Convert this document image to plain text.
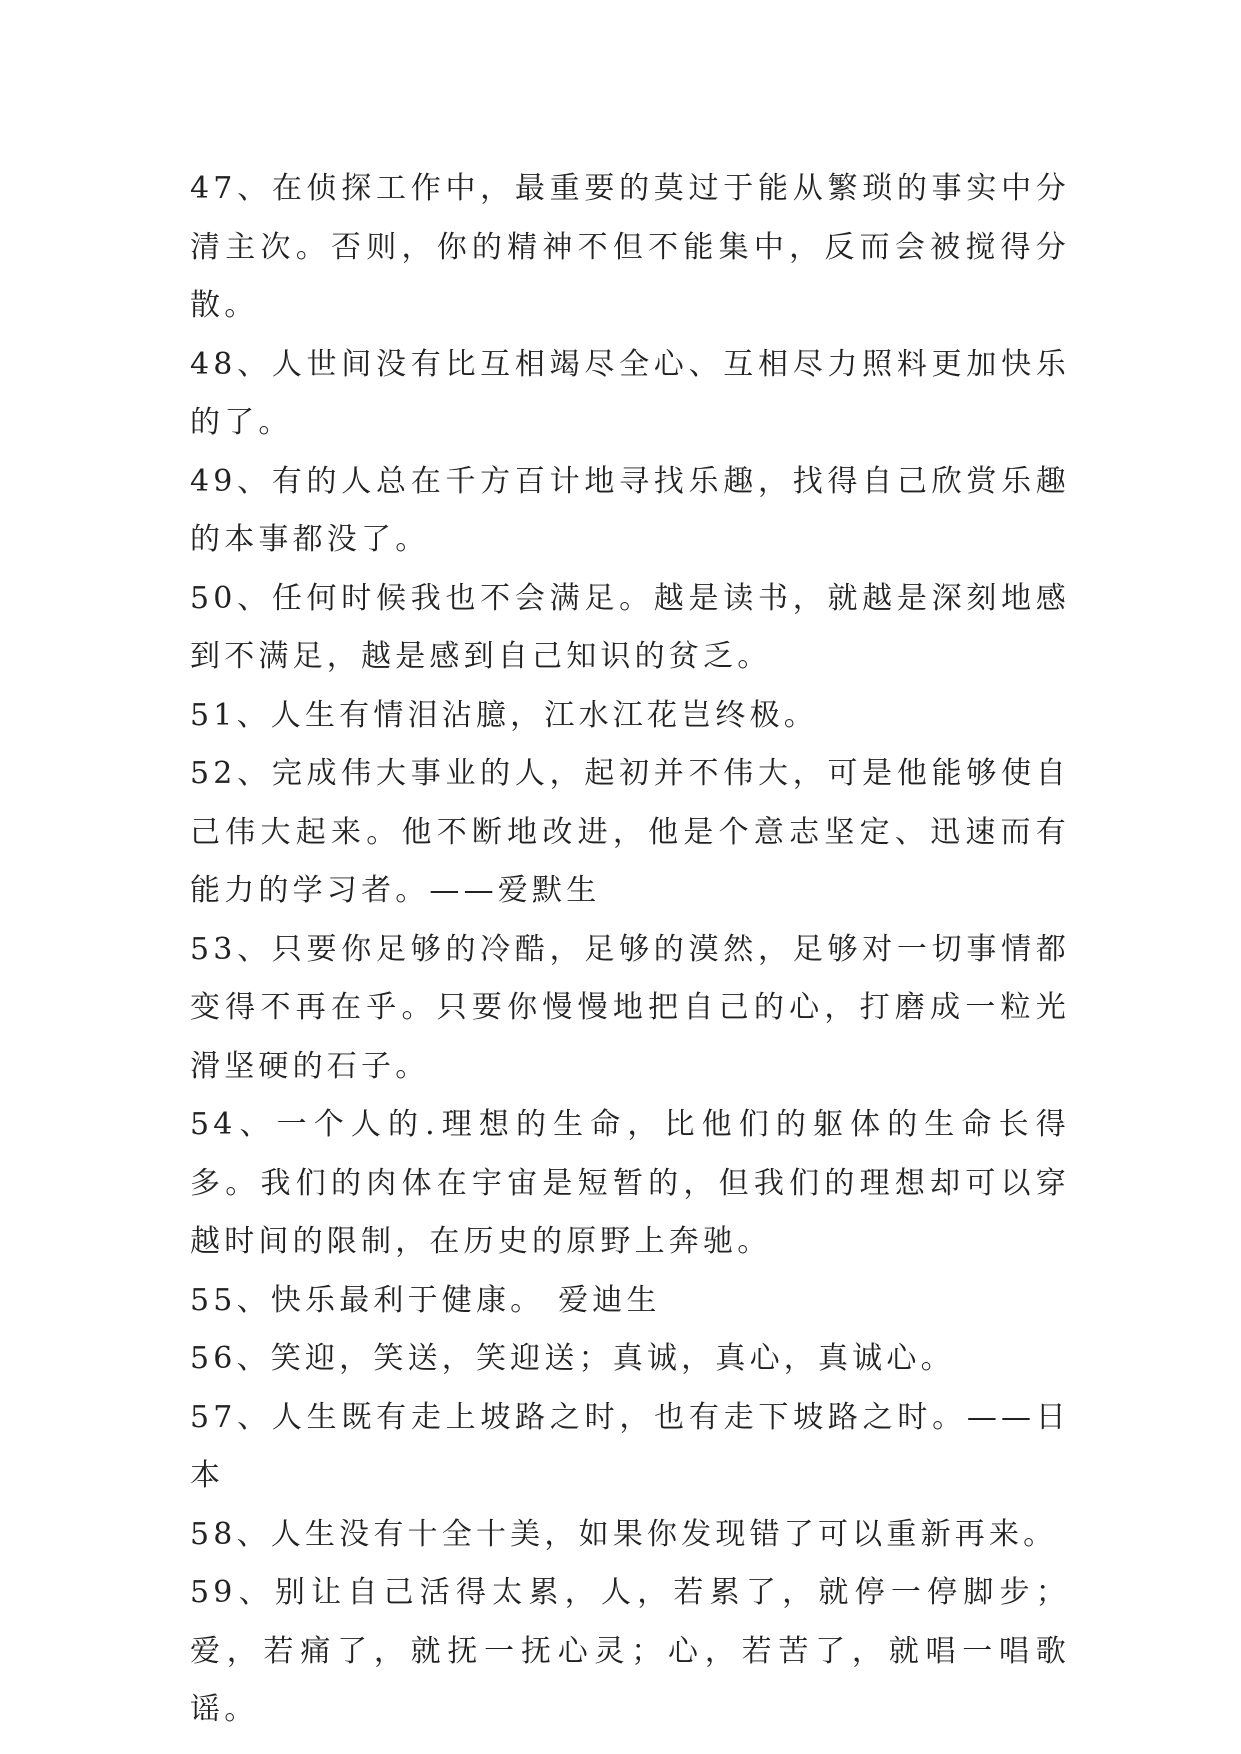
47、在侦探工作中，最重要的莫过于能从繁琐的事实中分清主次。否则，你的精神不但不能集中，反而会被搅得分散。

48、人世间没有比互相竭尽全心、互相尽力照料更加快乐的了。

49、有的人总在千方百计地寻找乐趣，找得自己欣赏乐趣的本事都没了。

50、任何时候我也不会满足。越是读书，就越是深刻地感到不满足，越是感到自己知识的贫乏。

51、人生有情泪沾臆，江水江花岂终极。

52、完成伟大事业的人，起初并不伟大，可是他能够使自己伟大起来。他不断地改进，他是个意志坚定、迅速而有能力的学习者。——爱默生

53、只要你足够的冷酷，足够的漠然，足够对一切事情都变得不再在乎。只要你慢慢地把自己的心，打磨成一粒光滑坚硬的石子。

54、一个人的.理想的生命，比他们的躯体的生命长得多。我们的肉体在宇宙是短暂的，但我们的理想却可以穿越时间的限制，在历史的原野上奔驰。

55、快乐最利于健康。 爱迪生

56、笑迎，笑送，笑迎送；真诚，真心，真诚心。

57、人生既有走上坡路之时，也有走下坡路之时。——日本

58、人生没有十全十美，如果你发现错了可以重新再来。

59、别让自己活得太累，人，若累了，就停一停脚步；爱，若痛了，就抚一抚心灵；心，若苦了，就唱一唱歌谣。
